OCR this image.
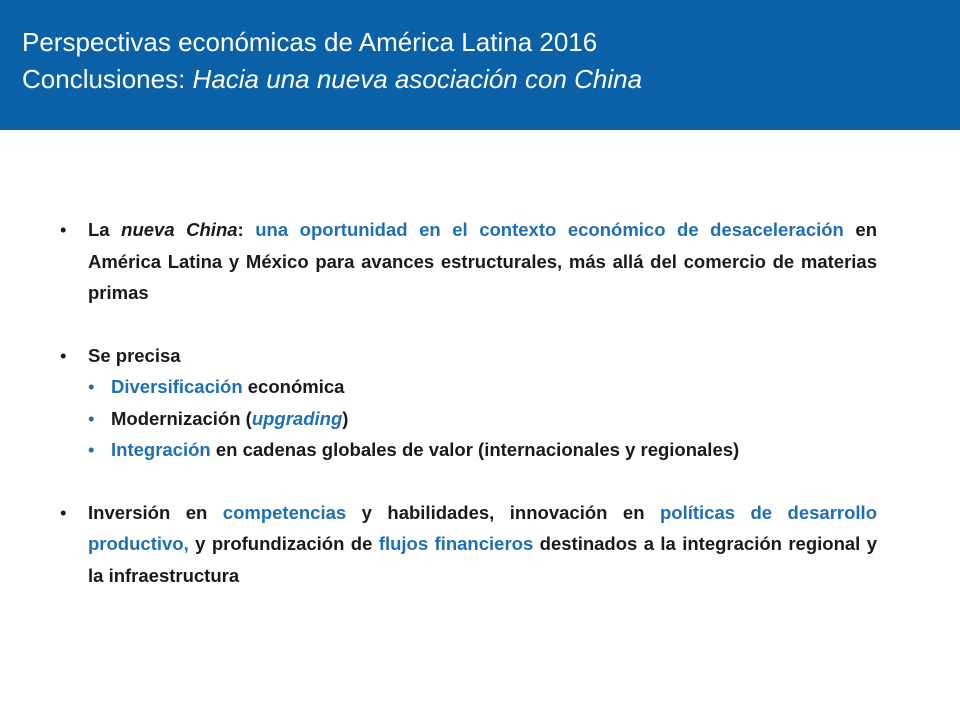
Perspectivas económicas de América Latina 2016
Conclusiones: Hacia una nueva asociación con China
• La nueva China: una oportunidad en el contexto económico de desaceleración en América Latina y México para avances estructurales, más allá del comercio de materias primas
• Se precisa
• Diversificación económica
• Modernización (upgrading)
• Integración en cadenas globales de valor (internacionales y regionales)
• Inversión en competencias y habilidades, innovación en políticas de desarrollo productivo, y profundización de flujos financieros destinados a la integración regional y la infraestructura
